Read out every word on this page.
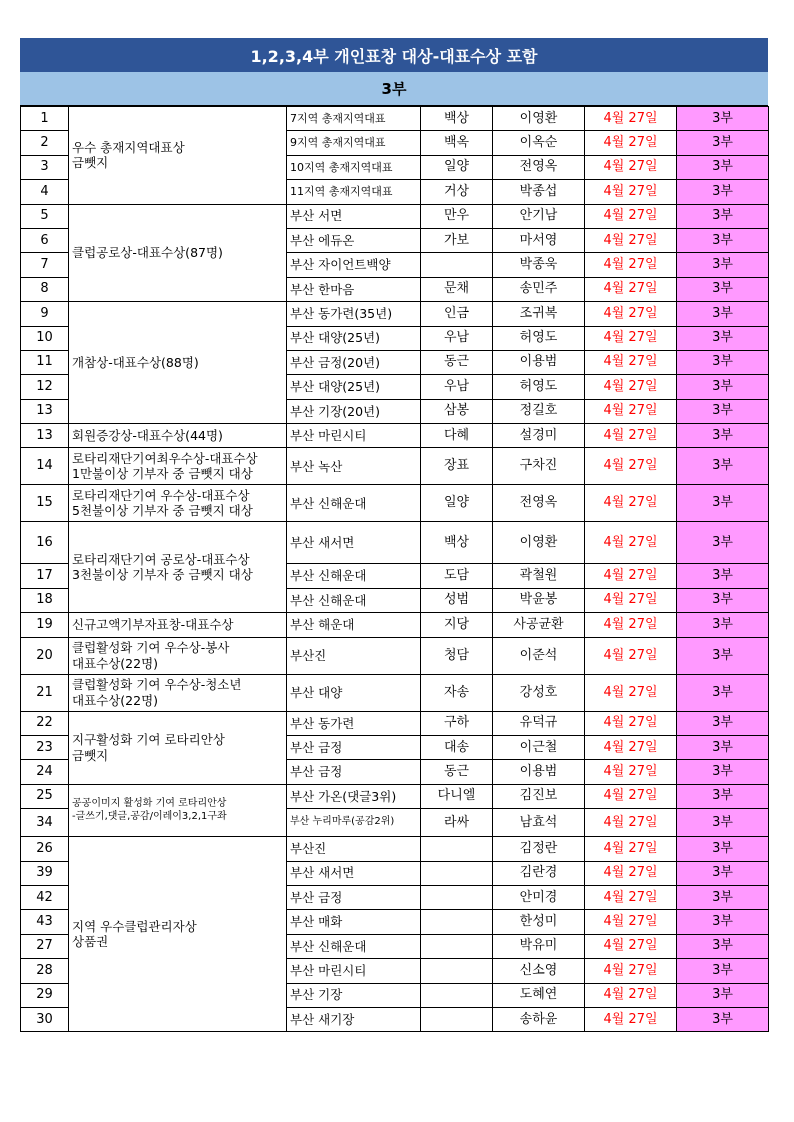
1,2,3,4부 개인표창 대상-대표수상 포함
3부
1	우수 총재지역대표상
금뺏지	7지역 총재지역대표	백상	이영환	4월 27일	3부
2		9지역 총재지역대표	백옥	이옥순	4월 27일	3부
3		10지역 총재지역대표	일양	전영옥	4월 27일	3부
4		11지역 총재지역대표	거상	박종섭	4월 27일	3부
5	클럽공로상-대표수상(87명)	부산 서면	만우	안기남	4월 27일	3부
6		부산 에듀온	가보	마서영	4월 27일	3부
7		부산 자이언트백양		박종욱	4월 27일	3부
8		부산 한마음	문채	송민주	4월 27일	3부
9	개참상-대표수상(88명)	부산 동가련(35년)	인금	조귀복	4월 27일	3부
10		부산 대양(25년)	우남	허영도	4월 27일	3부
11		부산 금정(20년)	동근	이용범	4월 27일	3부
12		부산 대양(25년)	우남	허영도	4월 27일	3부
13		부산 기장(20년)	삼봉	정길호	4월 27일	3부
13	회원증강상-대표수상(44명)	부산 마린시티	다혜	설경미	4월 27일	3부
14	로타리재단기여최우수상-대표수상
1만불이상 기부자 중 금뺏지 대상	부산 녹산	장표	구차진	4월 27일	3부
15	로타리재단기여 우수상-대표수상
5천불이상 기부자 중 금뺏지 대상	부산 신해운대	일양	전영옥	4월 27일	3부
16	로타리재단기여 공로상-대표수상
3천불이상 기부자 중 금뺏지 대상	부산 새서면	백상	이영환	4월 27일	3부
17		부산 신해운대	도담	곽철원	4월 27일	3부
18		부산 신해운대	성범	박윤봉	4월 27일	3부
19	신규고액기부자표창-대표수상	부산 해운대	지당	사공균환	4월 27일	3부
20	클럽활성화 기여 우수상-봉사
대표수상(22명)	부산진	청담	이준석	4월 27일	3부
21	클럽활성화 기여 우수상-청소년
대표수상(22명)	부산 대양	자송	강성호	4월 27일	3부
22	지구활성화 기여 로타리안상
금뺏지	부산 동가련	구하	유덕규	4월 27일	3부
23		부산 금정	대송	이근철	4월 27일	3부
24		부산 금정	동근	이용범	4월 27일	3부
25	공공이미지 활성화 기여 로타리안상
-글쓰기,댓글,공감/이레이3,2,1구좌	부산 가온(댓글3위)	다니엘	김진보	4월 27일	3부
34		부산 누리마루(공감2위)	라싸	남효석	4월 27일	3부
26	지역 우수클럽관리자상
상품권	부산진		김정란	4월 27일	3부
39		부산 새서면		김란경	4월 27일	3부
42		부산 금정		안미경	4월 27일	3부
43		부산 매화		한성미	4월 27일	3부
27		부산 신해운대		박유미	4월 27일	3부
28		부산 마린시티		신소영	4월 27일	3부
29		부산 기장		도혜연	4월 27일	3부
30		부산 새기장		송하윤	4월 27일	3부
